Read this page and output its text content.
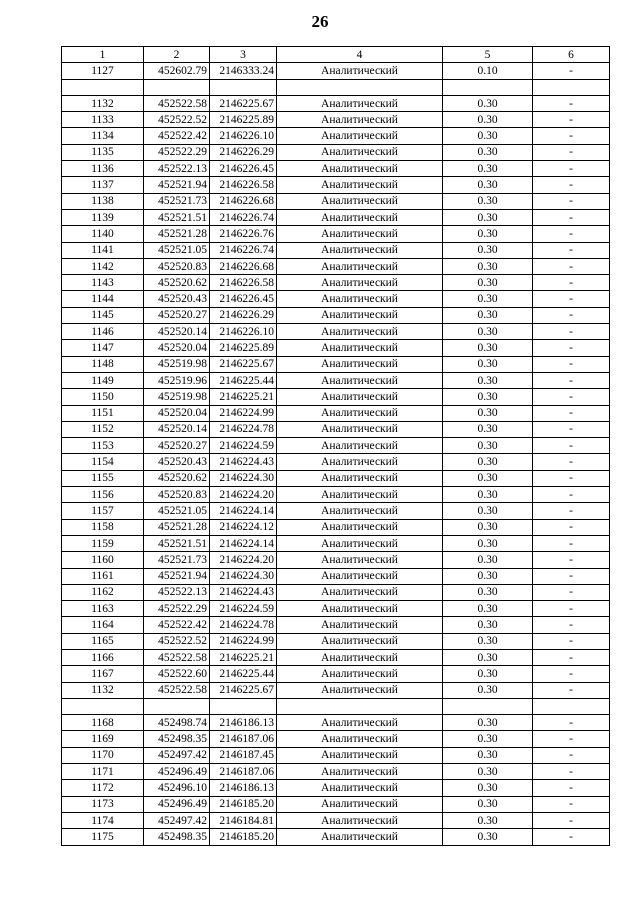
26
1	2	3	4	5	6
1127	452602.79	2146333.24	Аналитический	0.10	-

1132	452522.58	2146225.67	Аналитический	0.30	-
1133	452522.52	2146225.89	Аналитический	0.30	-
1134	452522.42	2146226.10	Аналитический	0.30	-
1135	452522.29	2146226.29	Аналитический	0.30	-
1136	452522.13	2146226.45	Аналитический	0.30	-
1137	452521.94	2146226.58	Аналитический	0.30	-
1138	452521.73	2146226.68	Аналитический	0.30	-
1139	452521.51	2146226.74	Аналитический	0.30	-
1140	452521.28	2146226.76	Аналитический	0.30	-
1141	452521.05	2146226.74	Аналитический	0.30	-
1142	452520.83	2146226.68	Аналитический	0.30	-
1143	452520.62	2146226.58	Аналитический	0.30	-
1144	452520.43	2146226.45	Аналитический	0.30	-
1145	452520.27	2146226.29	Аналитический	0.30	-
1146	452520.14	2146226.10	Аналитический	0.30	-
1147	452520.04	2146225.89	Аналитический	0.30	-
1148	452519.98	2146225.67	Аналитический	0.30	-
1149	452519.96	2146225.44	Аналитический	0.30	-
1150	452519.98	2146225.21	Аналитический	0.30	-
1151	452520.04	2146224.99	Аналитический	0.30	-
1152	452520.14	2146224.78	Аналитический	0.30	-
1153	452520.27	2146224.59	Аналитический	0.30	-
1154	452520.43	2146224.43	Аналитический	0.30	-
1155	452520.62	2146224.30	Аналитический	0.30	-
1156	452520.83	2146224.20	Аналитический	0.30	-
1157	452521.05	2146224.14	Аналитический	0.30	-
1158	452521.28	2146224.12	Аналитический	0.30	-
1159	452521.51	2146224.14	Аналитический	0.30	-
1160	452521.73	2146224.20	Аналитический	0.30	-
1161	452521.94	2146224.30	Аналитический	0.30	-
1162	452522.13	2146224.43	Аналитический	0.30	-
1163	452522.29	2146224.59	Аналитический	0.30	-
1164	452522.42	2146224.78	Аналитический	0.30	-
1165	452522.52	2146224.99	Аналитический	0.30	-
1166	452522.58	2146225.21	Аналитический	0.30	-
1167	452522.60	2146225.44	Аналитический	0.30	-
1132	452522.58	2146225.67	Аналитический	0.30	-

1168	452498.74	2146186.13	Аналитический	0.30	-
1169	452498.35	2146187.06	Аналитический	0.30	-
1170	452497.42	2146187.45	Аналитический	0.30	-
1171	452496.49	2146187.06	Аналитический	0.30	-
1172	452496.10	2146186.13	Аналитический	0.30	-
1173	452496.49	2146185.20	Аналитический	0.30	-
1174	452497.42	2146184.81	Аналитический	0.30	-
1175	452498.35	2146185.20	Аналитический	0.30	-
